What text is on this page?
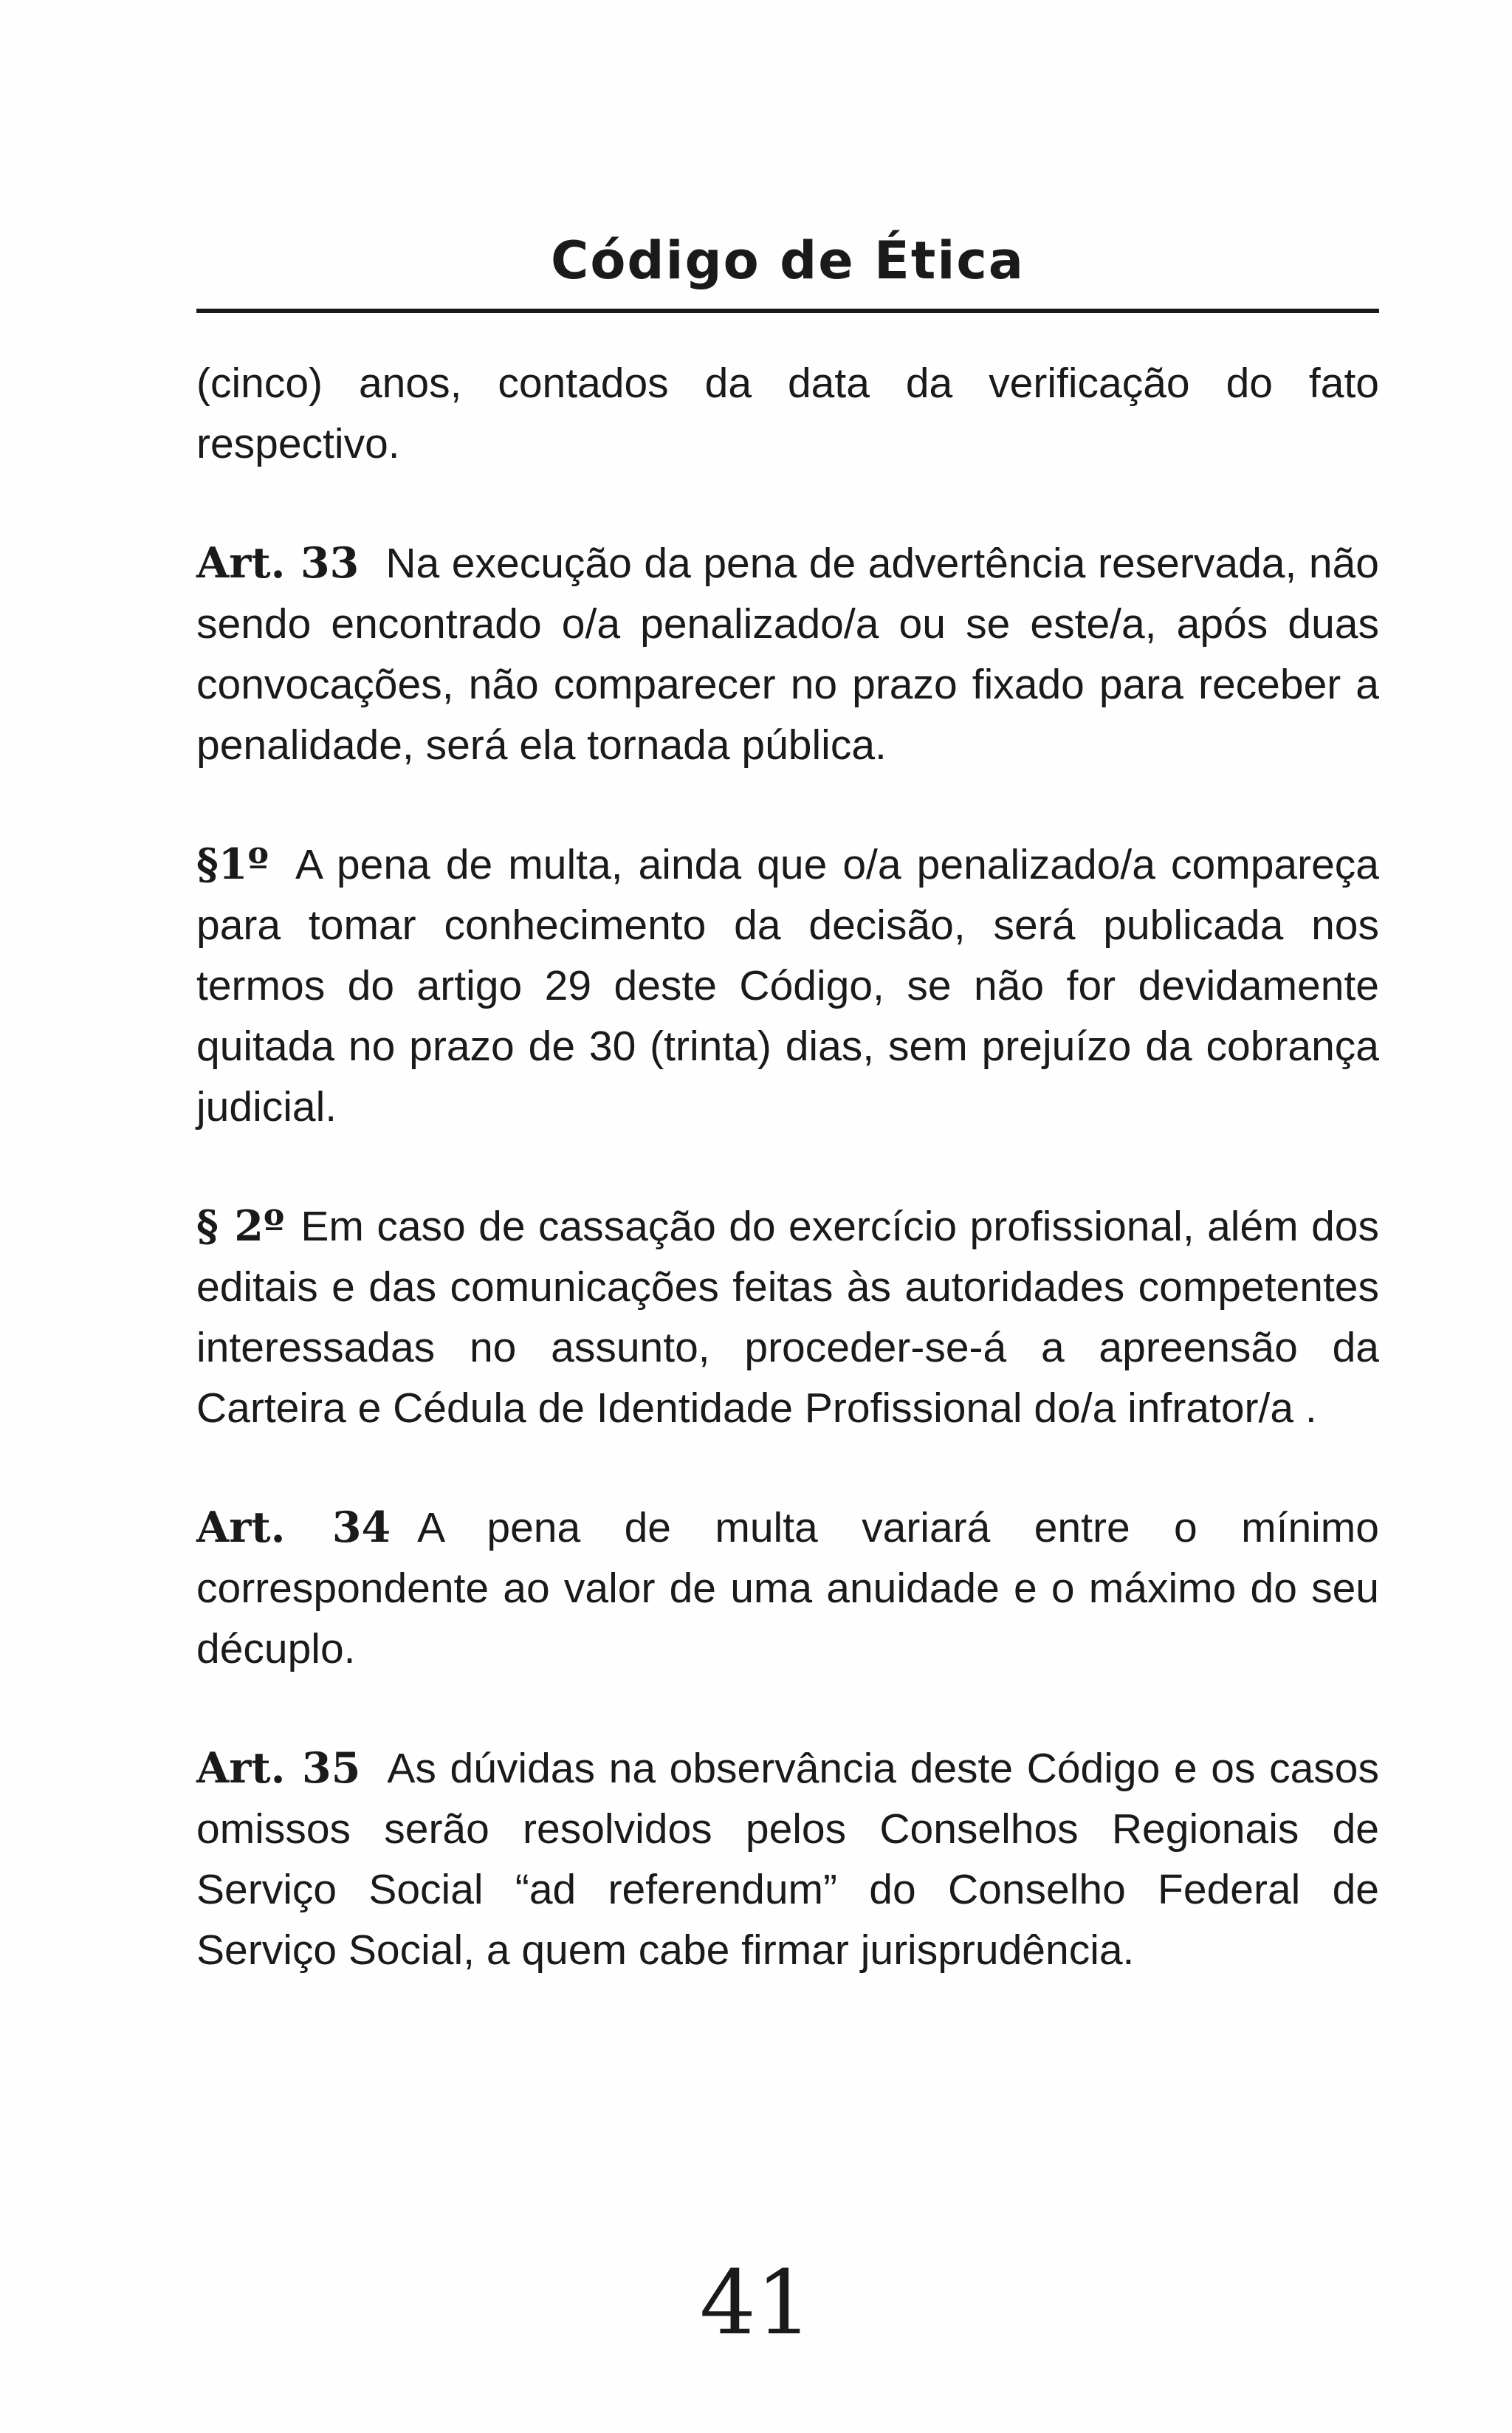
Código de Ética

(cinco) anos, contados da data da verificação do fato respectivo.

Art. 33 Na execução da pena de advertência reservada, não sendo encontrado o/a penalizado/a ou se este/a, após duas convocações, não comparecer no prazo fixado para receber a penalidade, será ela tornada pública.

§1º A pena de multa, ainda que o/a penalizado/a compareça para tomar conhecimento da decisão, será publicada nos termos do artigo 29 deste Código, se não for devidamente quitada no prazo de 30 (trinta) dias, sem prejuízo da cobrança judicial.

§ 2º Em caso de cassação do exercício profissional, além dos editais e das comunicações feitas às autoridades competentes interessadas no assunto, proceder-se-á a apreensão da Carteira e Cédula de Identidade Profissional do/a infrator/a .

Art. 34 A pena de multa variará entre o mínimo correspondente ao valor de uma anuidade e o máximo do seu décuplo.

Art. 35 As dúvidas na observância deste Código e os casos omissos serão resolvidos pelos Conselhos Regionais de Serviço Social “ad referendum” do Conselho Federal de Serviço Social, a quem cabe firmar jurisprudência.

41
